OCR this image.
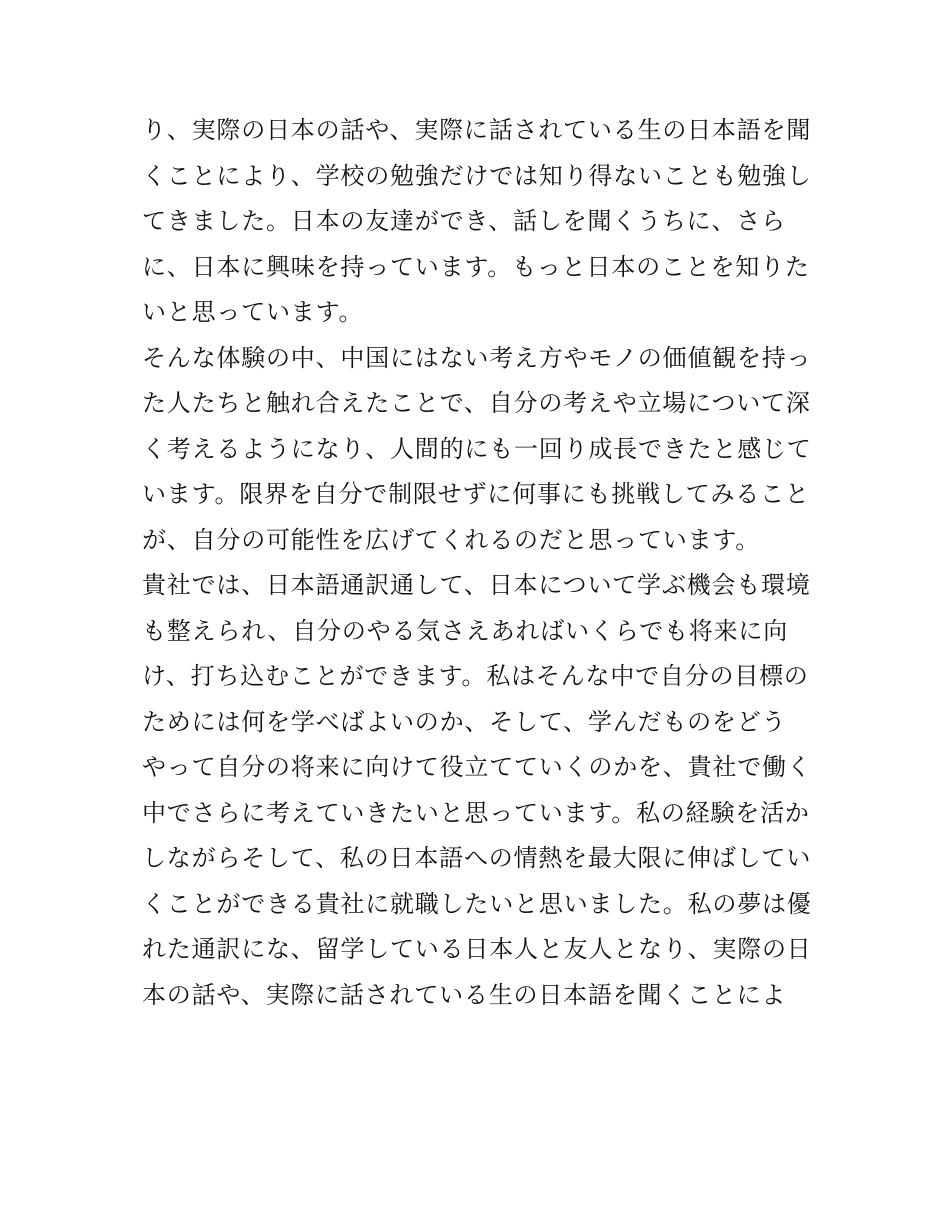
り、実際の日本の話や、実際に話されている生の日本語を聞
くことにより、学校の勉強だけでは知り得ないことも勉強し
てきました。日本の友達ができ、話しを聞くうちに、さら
に、日本に興味を持っています。もっと日本のことを知りた
いと思っています。
そんな体験の中、中国にはない考え方やモノの価値観を持っ
た人たちと触れ合えたことで、自分の考えや立場について深
く考えるようになり、人間的にも一回り成長できたと感じて
います。限界を自分で制限せずに何事にも挑戦してみること
が、自分の可能性を広げてくれるのだと思っています。
貴社では、日本語通訳通して、日本について学ぶ機会も環境
も整えられ、自分のやる気さえあればいくらでも将来に向
け、打ち込むことができます。私はそんな中で自分の目標の
ためには何を学べばよいのか、そして、学んだものをどう
やって自分の将来に向けて役立てていくのかを、貴社で働く
中でさらに考えていきたいと思っています。私の経験を活か
しながらそして、私の日本語への情熱を最大限に伸ばしてい
くことができる貴社に就職したいと思いました。私の夢は優
れた通訳にな、留学している日本人と友人となり、実際の日
本の話や、実際に話されている生の日本語を聞くことによ
